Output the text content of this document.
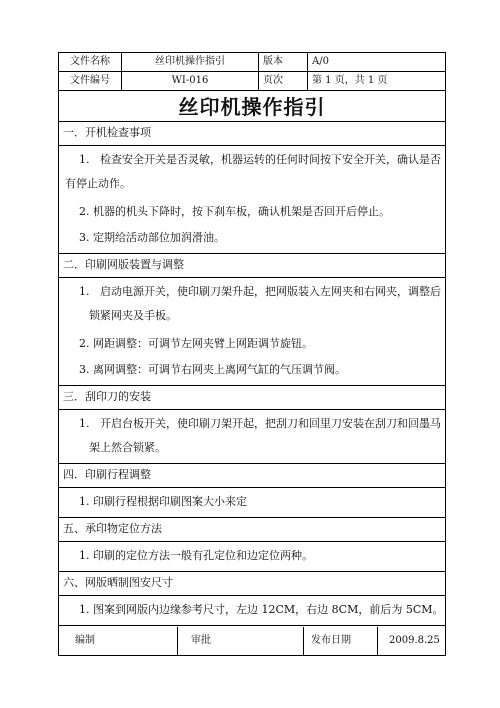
文件名称	丝印机操作指引	版本	A/0
文件编号	WI-016	页次	第 1 页，共 1 页
丝印机操作指引
一．开机检查事项
1. 检查安全开关是否灵敏，机器运转的任何时间按下安全开关，确认是否
有停止动作。
2. 机器的机头下降时，按下刹车板，确认机架是否回开后停止。
3. 定期给活动部位加润滑油。
二．印刷网版装置与调整
1. 启动电源开关，使印刷刀架升起，把网版装入左网夹和右网夹，调整后
锁紧网夹及手板。
2. 网距调整：可调节左网夹臂上网距调节旋钮。
3. 离网调整：可调节右网夹上离网气缸的气压调节阀。
三．刮印刀的安装
1. 开启台板开关，使印刷刀架开起，把刮刀和回里刀安装在刮刀和回墨马
架上然合锁紧。
四．印刷行程调整
1. 印刷行程根据印刷图案大小来定
五、承印物定位方法
1. 印刷的定位方法一般有孔定位和边定位两种。
六、网版晒制图安尺寸
1. 图案到网版内边缘参考尺寸，左边 12CM，右边 8CM，前后为 5CM。
编制	审批	发布日期	2009.8.25
